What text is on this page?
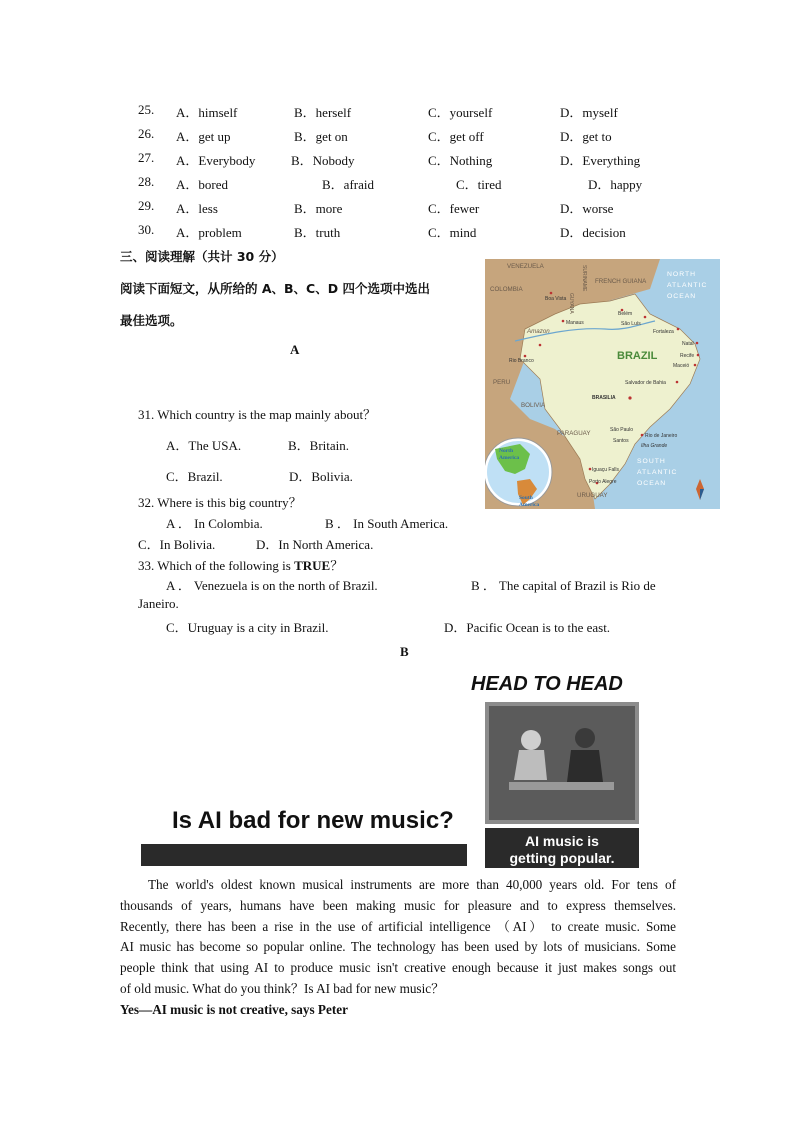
25. A．himself	B．herself	C．yourself	D．myself
26. A．get up	B．get on	C．get off	D．get to
27. A．Everybody	B．Nobody	C．Nothing	D．Everything
28. A．bored	B．afraid	C．tired	D．happy
29. A．less	B．more	C．fewer	D．worse
30. A．problem	B．truth	C．mind	D．decision
三、阅读理解（共计 30 分）
阅读下面短文，从所给的 A、B、C、D 四个选项中选出
最佳选项。
A
31. Which country is the map mainly about？
A．The USA.	B．Britain.
C．Brazil.	D．Bolivia.
32. Where is this big country？
A ． In Colombia.	B ． In South America.
C．In Bolivia.	D．In North America.
33. Which of the following is TRUE？
A ． Venezuela is on the north of Brazil.	B ． The capital of Brazil is Rio de
Janeiro.
C．Uruguay is a city in Brazil.	D．Pacific Ocean is to the east.
B
VENEZUELA
COLOMBIA
FRENCH GUIANA
PERU
BOLIVIA
PARAGUAY
URUGUAY
Amazon
GUYANA
SURINAME	NORTH
ATLANTIC
OCEAN
SOUTH
ATLANTIC
OCEAN
BRAZIL
Boa Vista
Manaus
Belém
São Luís
Fortaleza
Natal
Recife
Maceió
Salvador de Bahia
BRASILIA
Rio Branco
São Paulo
Santos
Rio de Janeiro
Ilha Grande
Iguaçu Falls
Porto Alegre
North
America
South
America
HEAD TO HEAD
AI music is
getting popular.
Is AI bad for new music?
The world's oldest known musical instruments are more than 40,000 years old. For tens of
thousands of years, humans have been making music for pleasure and to express themselves.
Recently, there has been a rise in the use of artificial intelligence （AI） to create music. Some
AI music has become so popular online. The technology has been used by lots of musicians. Some
people think that using AI to produce music isn't creative enough because it just makes songs out
of old music. What do you think？Is AI bad for new music？
Yes—AI music is not creative, says Peter
